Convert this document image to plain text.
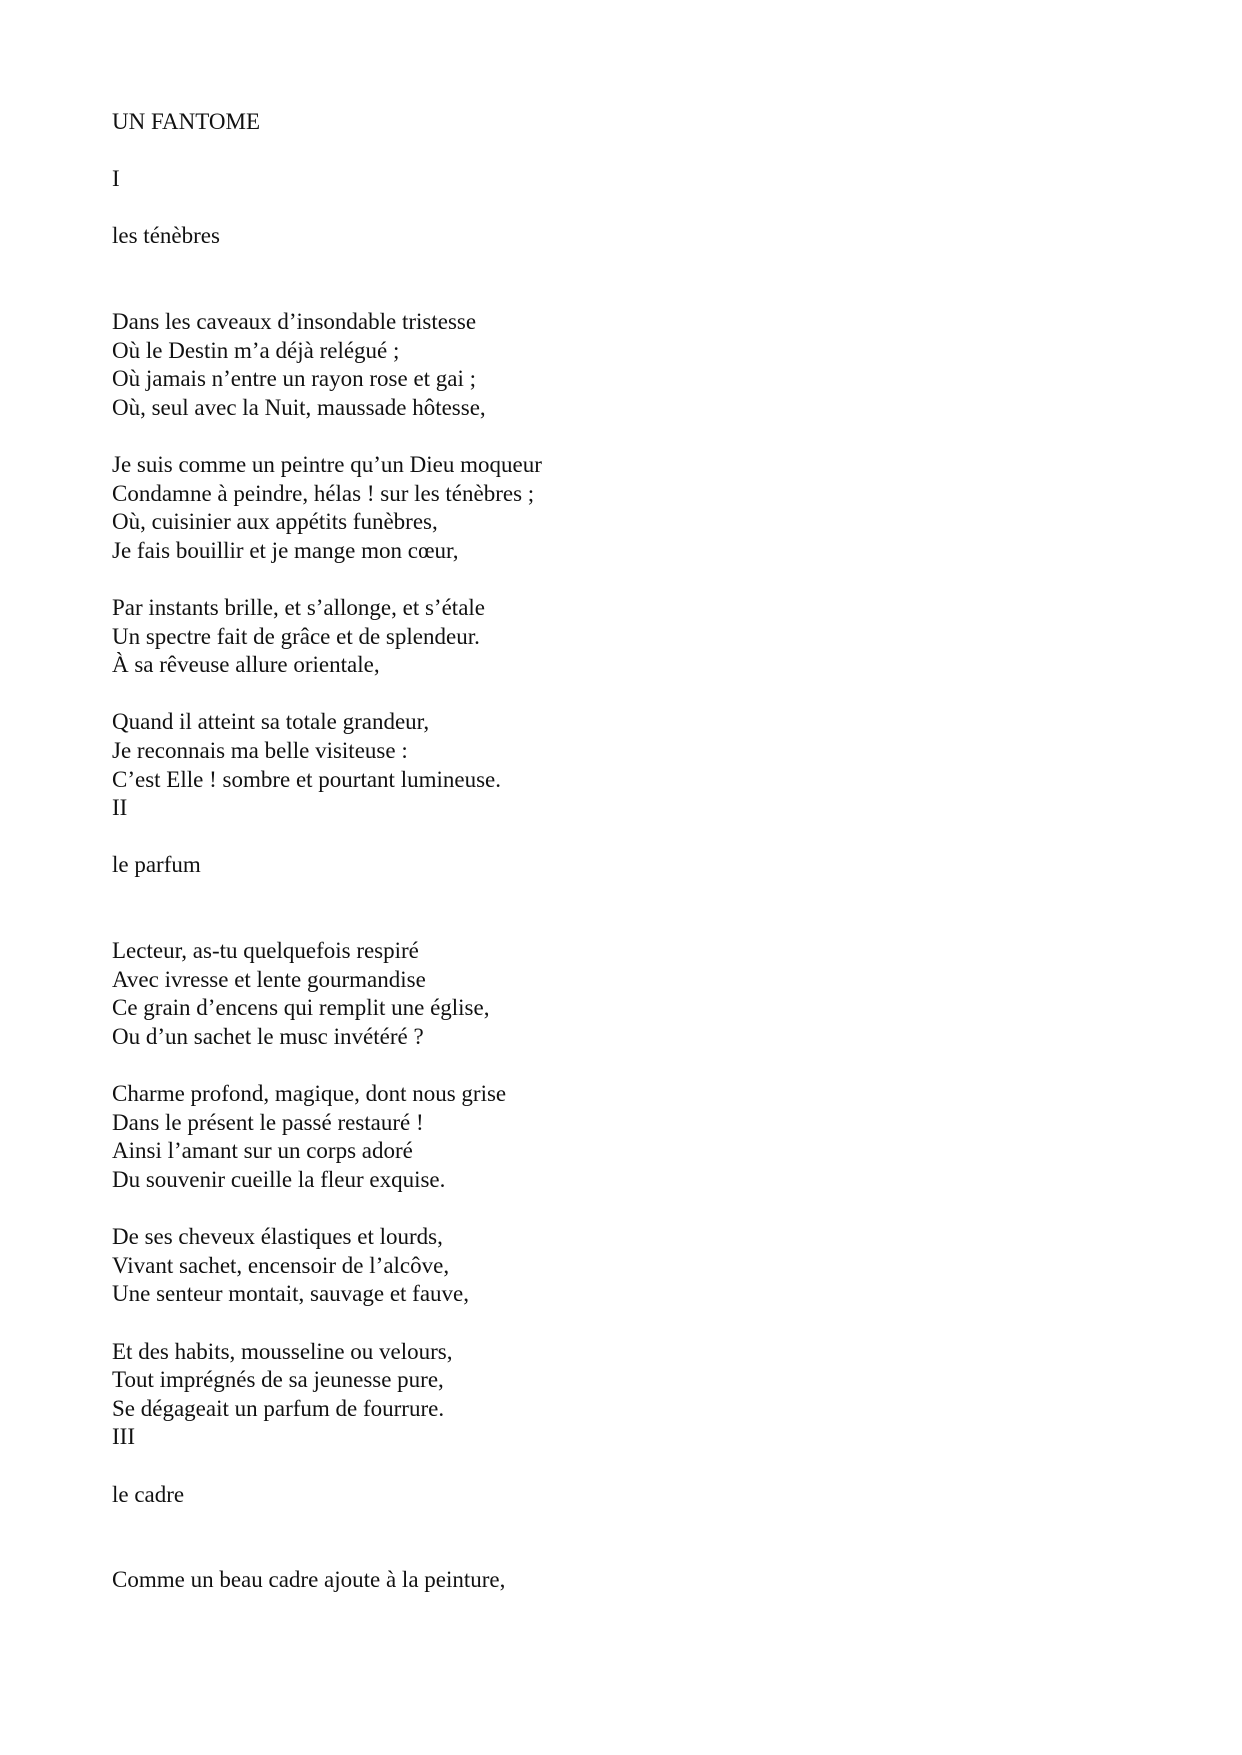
UN FANTOME
I
les ténèbres
Dans les caveaux d’insondable tristesse
Où le Destin m’a déjà relégué ;
Où jamais n’entre un rayon rose et gai ;
Où, seul avec la Nuit, maussade hôtesse,
Je suis comme un peintre qu’un Dieu moqueur
Condamne à peindre, hélas ! sur les ténèbres ;
Où, cuisinier aux appétits funèbres,
Je fais bouillir et je mange mon cœur,
Par instants brille, et s’allonge, et s’étale
Un spectre fait de grâce et de splendeur.
À sa rêveuse allure orientale,
Quand il atteint sa totale grandeur,
Je reconnais ma belle visiteuse :
C’est Elle ! sombre et pourtant lumineuse.
II
le parfum
Lecteur, as-tu quelquefois respiré
Avec ivresse et lente gourmandise
Ce grain d’encens qui remplit une église,
Ou d’un sachet le musc invétéré ?
Charme profond, magique, dont nous grise
Dans le présent le passé restauré !
Ainsi l’amant sur un corps adoré
Du souvenir cueille la fleur exquise.
De ses cheveux élastiques et lourds,
Vivant sachet, encensoir de l’alcôve,
Une senteur montait, sauvage et fauve,
Et des habits, mousseline ou velours,
Tout imprégnés de sa jeunesse pure,
Se dégageait un parfum de fourrure.
III
le cadre
Comme un beau cadre ajoute à la peinture,
